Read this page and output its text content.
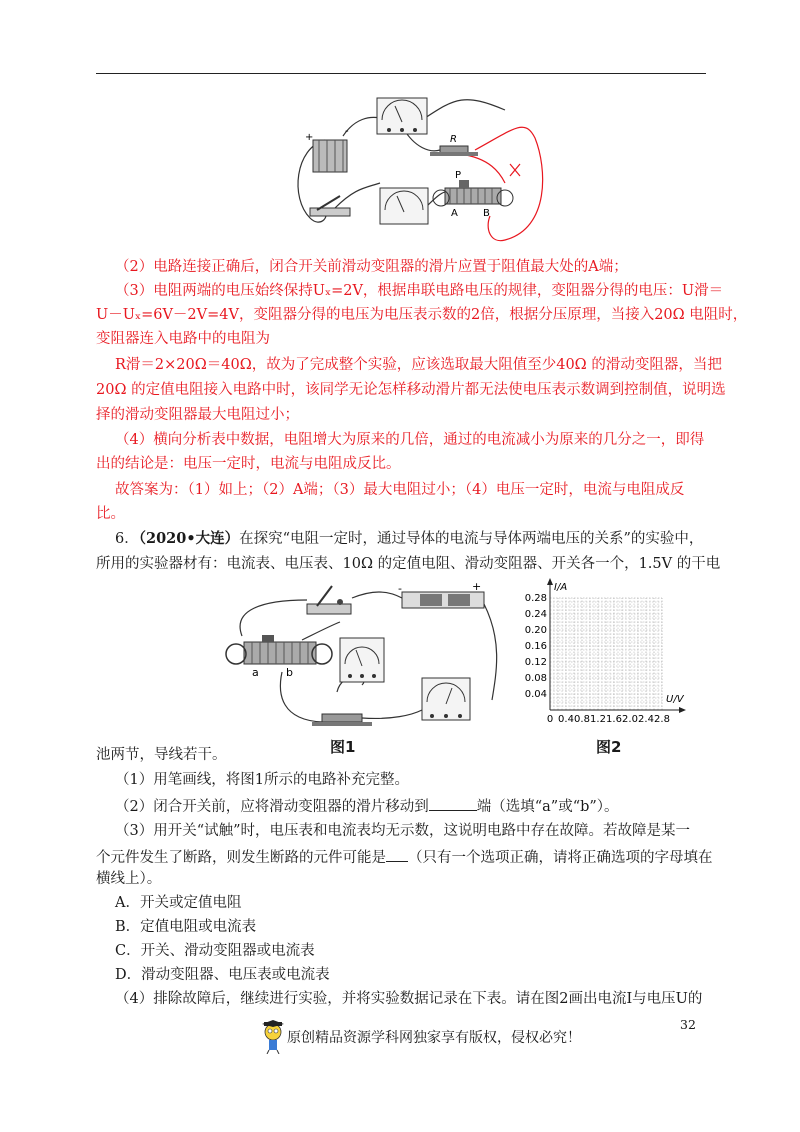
+
-
R
P
A	B
（2）电路连接正确后，闭合开关前滑动变阻器的滑片应置于阻值最大处的A端；
（3）电阻两端的电压始终保持Uₓ=2V，根据串联电路电压的规律，变阻器分得的电压：U滑＝
U－Uₓ=6V－2V=4V，变阻器分得的电压为电压表示数的2倍，根据分压原理，当接入20Ω 电阻时，
变阻器连入电路中的电阻为
R滑＝2×20Ω＝40Ω，故为了完成整个实验，应该选取最大阻值至少40Ω 的滑动变阻器，当把
20Ω 的定值电阻接入电路中时，该同学无论怎样移动滑片都无法使电压表示数调到控制值，说明选
择的滑动变阻器最大电阻过小；
（4）横向分析表中数据，电阻增大为原来的几倍，通过的电流减小为原来的几分之一，即得
出的结论是：电压一定时，电流与电阻成反比。
故答案为：（1）如上；（2）A端；（3）最大电阻过小；（4）电压一定时，电流与电阻成反
比。
6．（2020•大连）在探究“电阻一定时，通过导体的电流与导体两端电压的关系”的实验中，
所用的实验器材有：电流表、电压表、10Ω 的定值电阻、滑动变阻器、开关各一个，1.5V 的干电
-	+
a b
图1
0 0.4 0.8 1.2 1.6 2.0 2.4 2.8
0.04
0.08
0.12
0.16
0.20
0.24
0.28
I/A
U/V
图2
池两节，导线若干。
（1）用笔画线，将图1所示的电路补充完整。
（2）闭合开关前，应将滑动变阻器的滑片移动到	端（选填“a”或“b”）。
（3）用开关“试触”时，电压表和电流表均无示数，这说明电路中存在故障。若故障是某一
个元件发生了断路，则发生断路的元件可能是 （只有一个选项正确，请将正确选项的字母填在
横线上）。
A．开关或定值电阻
B．定值电阻或电流表
C．开关、滑动变阻器或电流表
D．滑动变阻器、电压表或电流表
（4）排除故障后，继续进行实验，并将实验数据记录在下表。请在图2画出电流I与电压U的
32
原创精品资源学科网独家享有版权，侵权必究！
